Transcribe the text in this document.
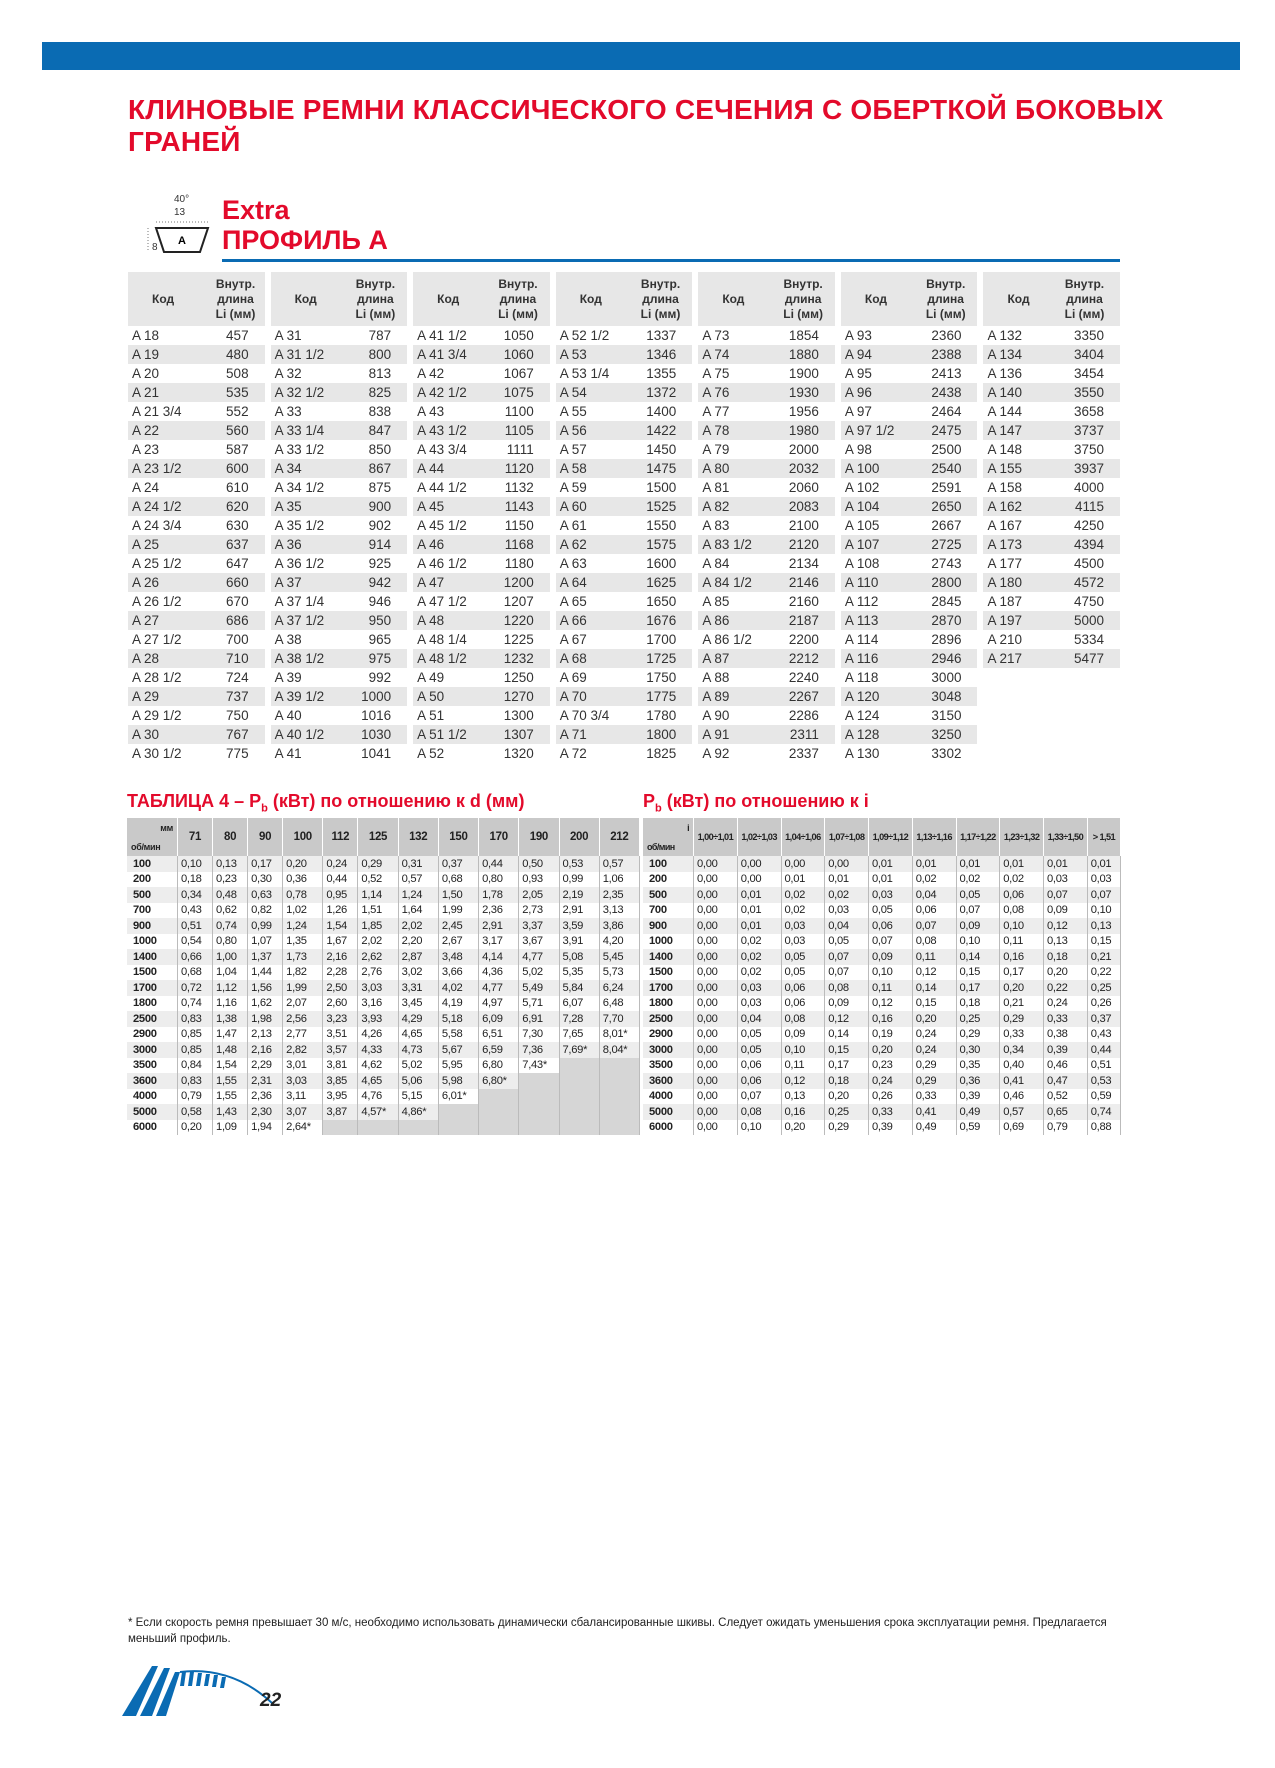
КЛИНОВЫЕ РЕМНИ КЛАССИЧЕСКОГО СЕЧЕНИЯ С ОБЕРТКОЙ БОКОВЫХ ГРАНЕЙ
A
40°
13
8
Extra
ПРОФИЛЬ A
Код	Внутр.
длина
Li (мм)

A 18	457
A 19	480
A 20	508
A 21	535
A 21 3/4	552
A 22	560
A 23	587
A 23 1/2	600
A 24	610
A 24 1/2	620
A 24 3/4	630
A 25	637
A 25 1/2	647
A 26	660
A 26 1/2	670
A 27	686
A 27 1/2	700
A 28	710
A 28 1/2	724
A 29	737
A 29 1/2	750
A 30	767
A 30 1/2	775
Код	Внутр.
длина
Li (мм)

A 31	787
A 31 1/2	800
A 32	813
A 32 1/2	825
A 33	838
A 33 1/4	847
A 33 1/2	850
A 34	867
A 34 1/2	875
A 35	900
A 35 1/2	902
A 36	914
A 36 1/2	925
A 37	942
A 37 1/4	946
A 37 1/2	950
A 38	965
A 38 1/2	975
A 39	992
A 39 1/2	1000
A 40	1016
A 40 1/2	1030
A 41	1041
Код	Внутр.
длина
Li (мм)

A 41 1/2	1050
A 41 3/4	1060
A 42	1067
A 42 1/2	1075
A 43	1100
A 43 1/2	1105
A 43 3/4	1111
A 44	1120
A 44 1/2	1132
A 45	1143
A 45 1/2	1150
A 46	1168
A 46 1/2	1180
A 47	1200
A 47 1/2	1207
A 48	1220
A 48 1/4	1225
A 48 1/2	1232
A 49	1250
A 50	1270
A 51	1300
A 51 1/2	1307
A 52	1320
Код	Внутр.
длина
Li (мм)

A 52 1/2	1337
A 53	1346
A 53 1/4	1355
A 54	1372
A 55	1400
A 56	1422
A 57	1450
A 58	1475
A 59	1500
A 60	1525
A 61	1550
A 62	1575
A 63	1600
A 64	1625
A 65	1650
A 66	1676
A 67	1700
A 68	1725
A 69	1750
A 70	1775
A 70 3/4	1780
A 71	1800
A 72	1825
Код	Внутр.
длина
Li (мм)

A 73	1854
A 74	1880
A 75	1900
A 76	1930
A 77	1956
A 78	1980
A 79	2000
A 80	2032
A 81	2060
A 82	2083
A 83	2100
A 83 1/2	2120
A 84	2134
A 84 1/2	2146
A 85	2160
A 86	2187
A 86 1/2	2200
A 87	2212
A 88	2240
A 89	2267
A 90	2286
A 91	2311
A 92	2337
Код	Внутр.
длина
Li (мм)

A 93	2360
A 94	2388
A 95	2413
A 96	2438
A 97	2464
A 97 1/2	2475
A 98	2500
A 100	2540
A 102	2591
A 104	2650
A 105	2667
A 107	2725
A 108	2743
A 110	2800
A 112	2845
A 113	2870
A 114	2896
A 116	2946
A 118	3000
A 120	3048
A 124	3150
A 128	3250
A 130	3302
Код	Внутр.
длина
Li (мм)

A 132	3350
A 134	3404
A 136	3454
A 140	3550
A 144	3658
A 147	3737
A 148	3750
A 155	3937
A 158	4000
A 162	4115
A 167	4250
A 173	4394
A 177	4500
A 180	4572
A 187	4750
A 197	5000
A 210	5334
A 217	5477
ТАБЛИЦА $4 - P_b$ (кВт) по отношению к d (мм)	$P_b$ (кВт) по отношению к i
мм
об/мин	71	80	90	100	112	125	132	150	170	190	200	212
100	0,10	0,13	0,17	0,20	0,24	0,29	0,31	0,37	0,44	0,50	0,53	0,57
200	0,18	0,23	0,30	0,36	0,44	0,52	0,57	0,68	0,80	0,93	0,99	1,06
500	0,34	0,48	0,63	0,78	0,95	1,14	1,24	1,50	1,78	2,05	2,19	2,35
700	0,43	0,62	0,82	1,02	1,26	1,51	1,64	1,99	2,36	2,73	2,91	3,13
900	0,51	0,74	0,99	1,24	1,54	1,85	2,02	2,45	2,91	3,37	3,59	3,86
1000	0,54	0,80	1,07	1,35	1,67	2,02	2,20	2,67	3,17	3,67	3,91	4,20
1400	0,66	1,00	1,37	1,73	2,16	2,62	2,87	3,48	4,14	4,77	5,08	5,45
1500	0,68	1,04	1,44	1,82	2,28	2,76	3,02	3,66	4,36	5,02	5,35	5,73
1700	0,72	1,12	1,56	1,99	2,50	3,03	3,31	4,02	4,77	5,49	5,84	6,24
1800	0,74	1,16	1,62	2,07	2,60	3,16	3,45	4,19	4,97	5,71	6,07	6,48
2500	0,83	1,38	1,98	2,56	3,23	3,93	4,29	5,18	6,09	6,91	7,28	7,70
2900	0,85	1,47	2,13	2,77	3,51	4,26	4,65	5,58	6,51	7,30	7,65	8,01*
3000	0,85	1,48	2,16	2,82	3,57	4,33	4,73	5,67	6,59	7,36	7,69*	8,04*
3500	0,84	1,54	2,29	3,01	3,81	4,62	5,02	5,95	6,80	7,43*		
3600	0,83	1,55	2,31	3,03	3,85	4,65	5,06	5,98	6,80*			
4000	0,79	1,55	2,36	3,11	3,95	4,76	5,15	6,01*				
5000	0,58	1,43	2,30	3,07	3,87	4,57*	4,86*					
6000	0,20	1,09	1,94	2,64*								
i
об/мин	1,00÷1,01	1,02÷1,03	1,04÷1,06	1,07÷1,08	1,09÷1,12	1,13÷1,16	1,17÷1,22	1,23÷1,32	1,33÷1,50	> 1,51
100	0,00	0,00	0,00	0,00	0,01	0,01	0,01	0,01	0,01	0,01
200	0,00	0,00	0,01	0,01	0,01	0,02	0,02	0,02	0,03	0,03
500	0,00	0,01	0,02	0,02	0,03	0,04	0,05	0,06	0,07	0,07
700	0,00	0,01	0,02	0,03	0,05	0,06	0,07	0,08	0,09	0,10
900	0,00	0,01	0,03	0,04	0,06	0,07	0,09	0,10	0,12	0,13
1000	0,00	0,02	0,03	0,05	0,07	0,08	0,10	0,11	0,13	0,15
1400	0,00	0,02	0,05	0,07	0,09	0,11	0,14	0,16	0,18	0,21
1500	0,00	0,02	0,05	0,07	0,10	0,12	0,15	0,17	0,20	0,22
1700	0,00	0,03	0,06	0,08	0,11	0,14	0,17	0,20	0,22	0,25
1800	0,00	0,03	0,06	0,09	0,12	0,15	0,18	0,21	0,24	0,26
2500	0,00	0,04	0,08	0,12	0,16	0,20	0,25	0,29	0,33	0,37
2900	0,00	0,05	0,09	0,14	0,19	0,24	0,29	0,33	0,38	0,43
3000	0,00	0,05	0,10	0,15	0,20	0,24	0,30	0,34	0,39	0,44
3500	0,00	0,06	0,11	0,17	0,23	0,29	0,35	0,40	0,46	0,51
3600	0,00	0,06	0,12	0,18	0,24	0,29	0,36	0,41	0,47	0,53
4000	0,00	0,07	0,13	0,20	0,26	0,33	0,39	0,46	0,52	0,59
5000	0,00	0,08	0,16	0,25	0,33	0,41	0,49	0,57	0,65	0,74
6000	0,00	0,10	0,20	0,29	0,39	0,49	0,59	0,69	0,79	0,88
* Если скорость ремня превышает 30 м/с, необходимо использовать динамически сбалансированные шкивы. Следует ожидать уменьшения срока эксплуатации ремня. Предлагается меньший профиль.
22
